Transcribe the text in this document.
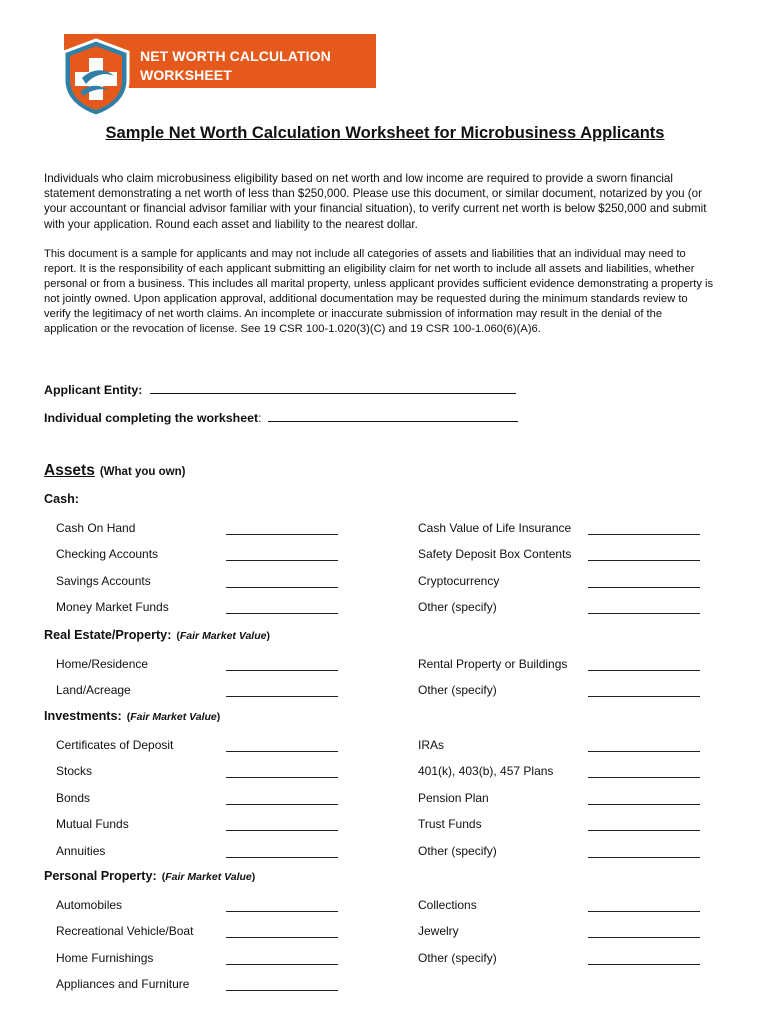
NET WORTH CALCULATION
WORKSHEET
Sample Net Worth Calculation Worksheet for Microbusiness Applicants

Individuals who claim microbusiness eligibility based on net worth and low income are required to provide a sworn financial statement demonstrating a net worth of less than $250,000. Please use this document, or similar document, notarized by you (or your accountant or financial advisor familiar with your financial situation), to verify current net worth is below $250,000 and submit with your application. Round each asset and liability to the nearest dollar.

This document is a sample for applicants and may not include all categories of assets and liabilities that an individual may need to report. It is the responsibility of each applicant submitting an eligibility claim for net worth to include all assets and liabilities, whether personal or from a business. This includes all marital property, unless applicant provides sufficient evidence demonstrating a property is not jointly owned. Upon application approval, additional documentation may be requested during the minimum standards review to verify the legitimacy of net worth claims. An incomplete or inaccurate submission of information may result in the denial of the application or the revocation of license. See 19 CSR 100-1.020(3)(C) and 19 CSR 100-1.060(6)(A)6.

Applicant Entity:
Individual completing the worksheet:
Assets (What you own)
Cash:
Cash On Hand
Checking Accounts
Savings Accounts
Money Market Funds
Cash Value of Life Insurance
Safety Deposit Box Contents
Cryptocurrency
Other (specify)
Real Estate/Property: (Fair Market Value)
Home/Residence
Land/Acreage
Rental Property or Buildings
Other (specify)
Investments: (Fair Market Value)
Certificates of Deposit
Stocks
Bonds
Mutual Funds
Annuities
IRAs
401(k), 403(b), 457 Plans
Pension Plan
Trust Funds
Other (specify)
Personal Property: (Fair Market Value)
Automobiles
Recreational Vehicle/Boat
Home Furnishings
Appliances and Furniture
Collections
Jewelry
Other (specify)
